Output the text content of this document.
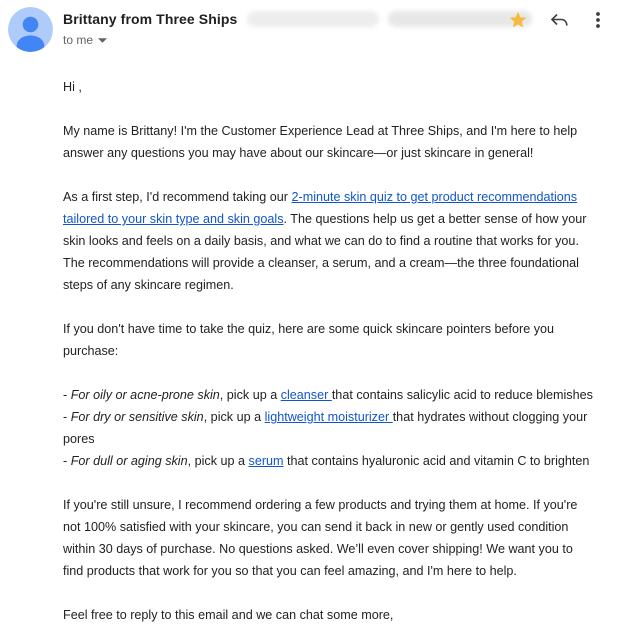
Brittany from Three Ships
to me
Hi ,
My name is Brittany! I'm the Customer Experience Lead at Three Ships, and I'm here to help answer any questions you may have about our skincare—or just skincare in general!
As a first step, I'd recommend taking our 2-minute skin quiz to get product recommendations tailored to your skin type and skin goals. The questions help us get a better sense of how your skin looks and feels on a daily basis, and what we can do to find a routine that works for you. The recommendations will provide a cleanser, a serum, and a cream—the three foundational steps of any skincare regimen.
If you don't have time to take the quiz, here are some quick skincare pointers before you purchase:
- For oily or acne-prone skin, pick up a cleanser that contains salicylic acid to reduce blemishes
- For dry or sensitive skin, pick up a lightweight moisturizer that hydrates without clogging your pores
- For dull or aging skin, pick up a serum that contains hyaluronic acid and vitamin C to brighten
If you're still unsure, I recommend ordering a few products and trying them at home. If you're not 100% satisfied with your skincare, you can send it back in new or gently used condition within 30 days of purchase. No questions asked. We’ll even cover shipping! We want you to find products that work for you so that you can feel amazing, and I'm here to help.
Feel free to reply to this email and we can chat some more,
